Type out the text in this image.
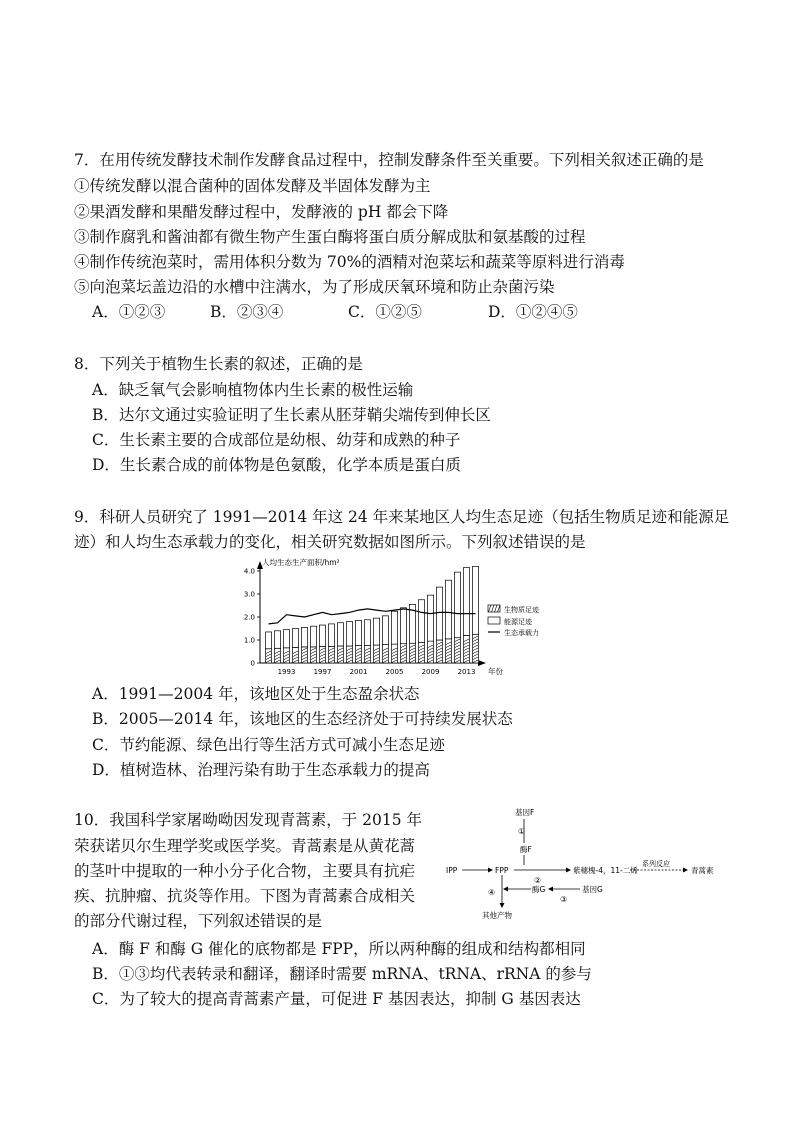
7．在用传统发酵技术制作发酵食品过程中，控制发酵条件至关重要。下列相关叙述正确的是
①传统发酵以混合菌种的固体发酵及半固体发酵为主
②果酒发酵和果醋发酵过程中，发酵液的 pH 都会下降
③制作腐乳和酱油都有微生物产生蛋白酶将蛋白质分解成肽和氨基酸的过程
④制作传统泡菜时，需用体积分数为 70%的酒精对泡菜坛和蔬菜等原料进行消毒
⑤向泡菜坛盖边沿的水槽中注满水，为了形成厌氧环境和防止杂菌污染
A．①②③	B．②③④	C．①②⑤	D．①②④⑤
8．下列关于植物生长素的叙述，正确的是
A．缺乏氧气会影响植物体内生长素的极性运输
B．达尔文通过实验证明了生长素从胚芽鞘尖端传到伸长区
C．生长素主要的合成部位是幼根、幼芽和成熟的种子
D．生长素合成的前体物是色氨酸，化学本质是蛋白质
9．科研人员研究了 1991—2014 年这 24 年来某地区人均生态足迹（包括生物质足迹和能源足
迹）和人均生态承载力的变化，相关研究数据如图所示。下列叙述错误的是
人均生态生产面积/hm²
年份
0
1.0
2.0
3.0
4.0
1993	1997	2001	2005	2009	2013
生物质足迹
能源足迹
生态承载力
A．1991—2004 年，该地区处于生态盈余状态
B．2005—2014 年，该地区的生态经济处于可持续发展状态
C．节约能源、绿色出行等生活方式可减小生态足迹
D．植树造林、治理污染有助于生态承载力的提高
10．我国科学家屠呦呦因发现青蒿素，于 2015 年
荣获诺贝尔生理学奖或医学奖。青蒿素是从黄花蒿
的茎叶中提取的一种小分子化合物，主要具有抗疟
疾、抗肿瘤、抗炎等作用。下图为青蒿素合成相关
的部分代谢过程，下列叙述错误的是
基因F
①
酶F
IPP	FPP
②
紫穗槐-4，11-二烯
系列反应
青蒿素
④	酶G
③
基因G
其他产物
A．酶 F 和酶 G 催化的底物都是 FPP，所以两种酶的组成和结构都相同
B．①③均代表转录和翻译，翻译时需要 mRNA、tRNA、rRNA 的参与
C．为了较大的提高青蒿素产量，可促进 F 基因表达，抑制 G 基因表达
